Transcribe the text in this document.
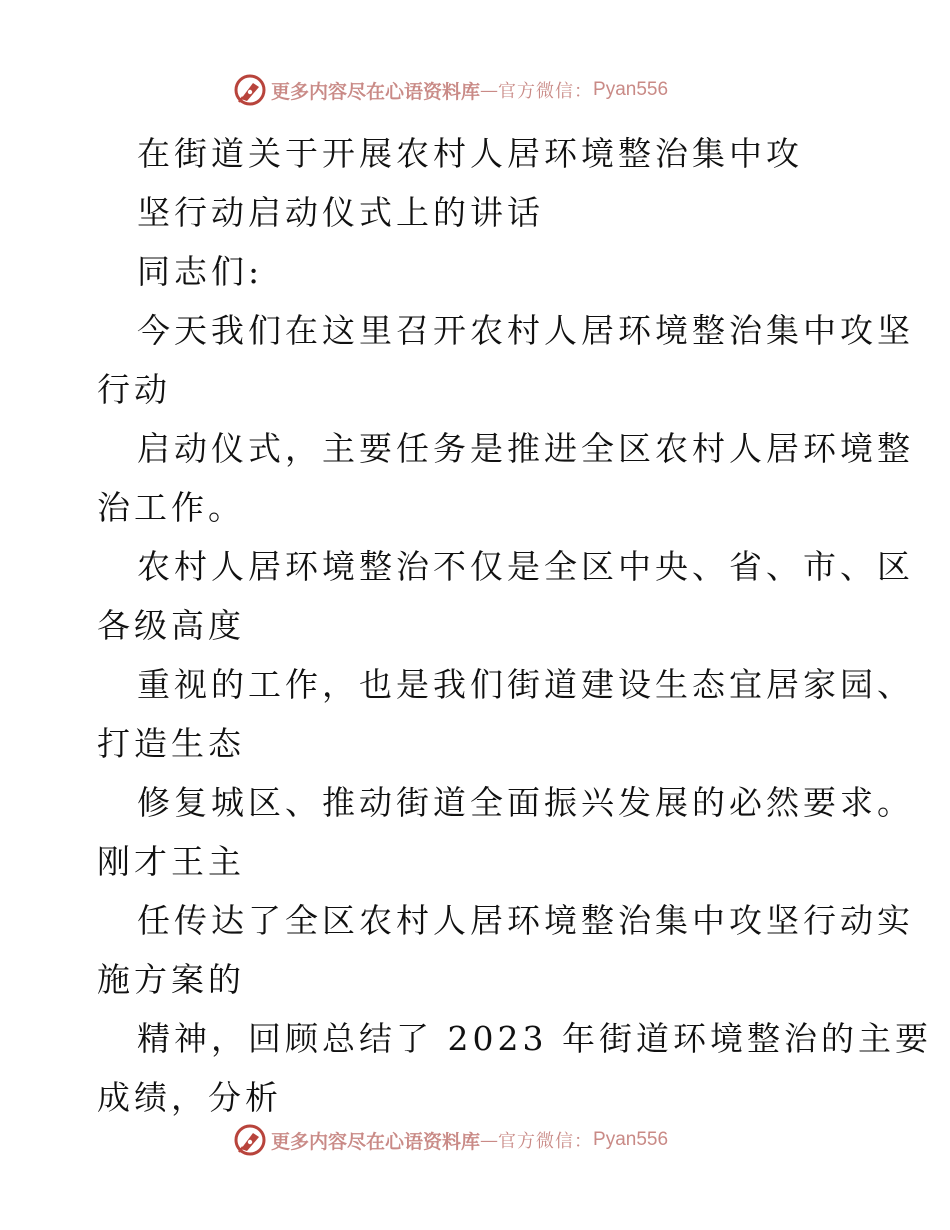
更多内容尽在心语资料库 — 官方微信： Pyan556
在街道关于开展农村人居环境整治集中攻
坚行动启动仪式上的讲话
同志们:
今天我们在这里召开农村人居环境整治集中攻坚
行动
启动仪式，主要任务是推进全区农村人居环境整
治工作。
农村人居环境整治不仅是全区中央、省、市、区
各级高度
重视的工作，也是我们街道建设生态宜居家园、
打造生态
修复城区、推动街道全面振兴发展的必然要求。
刚才王主
任传达了全区农村人居环境整治集中攻坚行动实
施方案的
精神，回顾总结了 2023 年街道环境整治的主要
成绩，分析
更多内容尽在心语资料库 — 官方微信： Pyan556
